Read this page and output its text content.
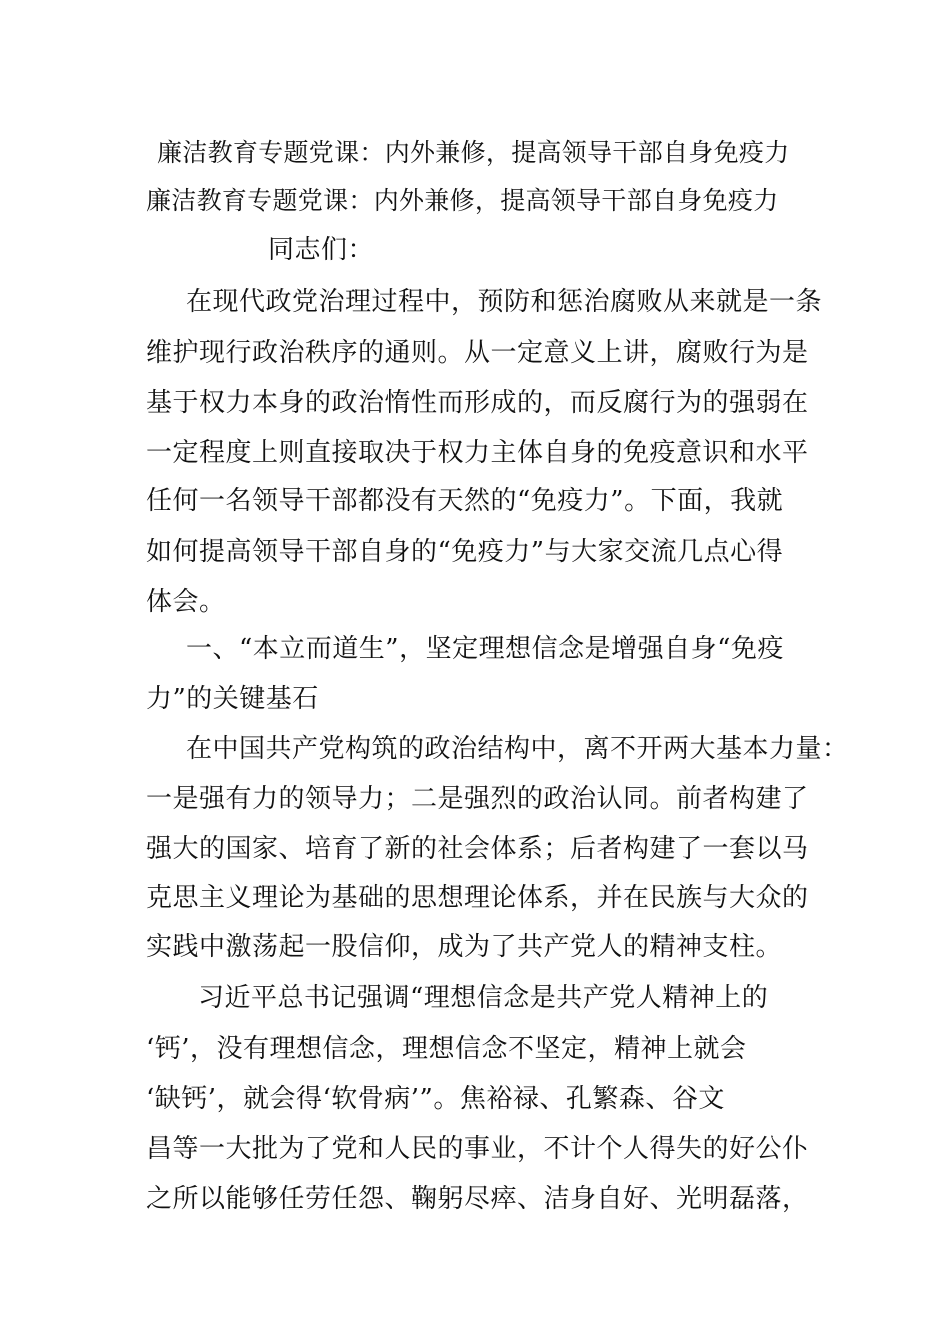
廉洁教育专题党课：内外兼修，提高领导干部自身免疫力
廉洁教育专题党课：内外兼修，提高领导干部自身免疫力
同志们：
在现代政党治理过程中，预防和惩治腐败从来就是一条
维护现行政治秩序的通则。从一定意义上讲，腐败行为是
基于权力本身的政治惰性而形成的，而反腐行为的强弱在
一定程度上则直接取决于权力主体自身的免疫意识和水平
任何一名领导干部都没有天然的“免疫力”。下面，我就
如何提高领导干部自身的“免疫力”与大家交流几点心得
体会。
一、“本立而道生”，坚定理想信念是增强自身“免疫
力”的关键基石
在中国共产党构筑的政治结构中，离不开两大基本力量：
一是强有力的领导力；二是强烈的政治认同。前者构建了
强大的国家、培育了新的社会体系；后者构建了一套以马
克思主义理论为基础的思想理论体系，并在民族与大众的
实践中激荡起一股信仰，成为了共产党人的精神支柱。
习近平总书记强调“理想信念是共产党人精神上的
‘钙’，没有理想信念，理想信念不坚定，精神上就会
‘缺钙’，就会得‘软骨病’”。焦裕禄、孔繁森、谷文
昌等一大批为了党和人民的事业，不计个人得失的好公仆
之所以能够任劳任怨、鞠躬尽瘁、洁身自好、光明磊落，
